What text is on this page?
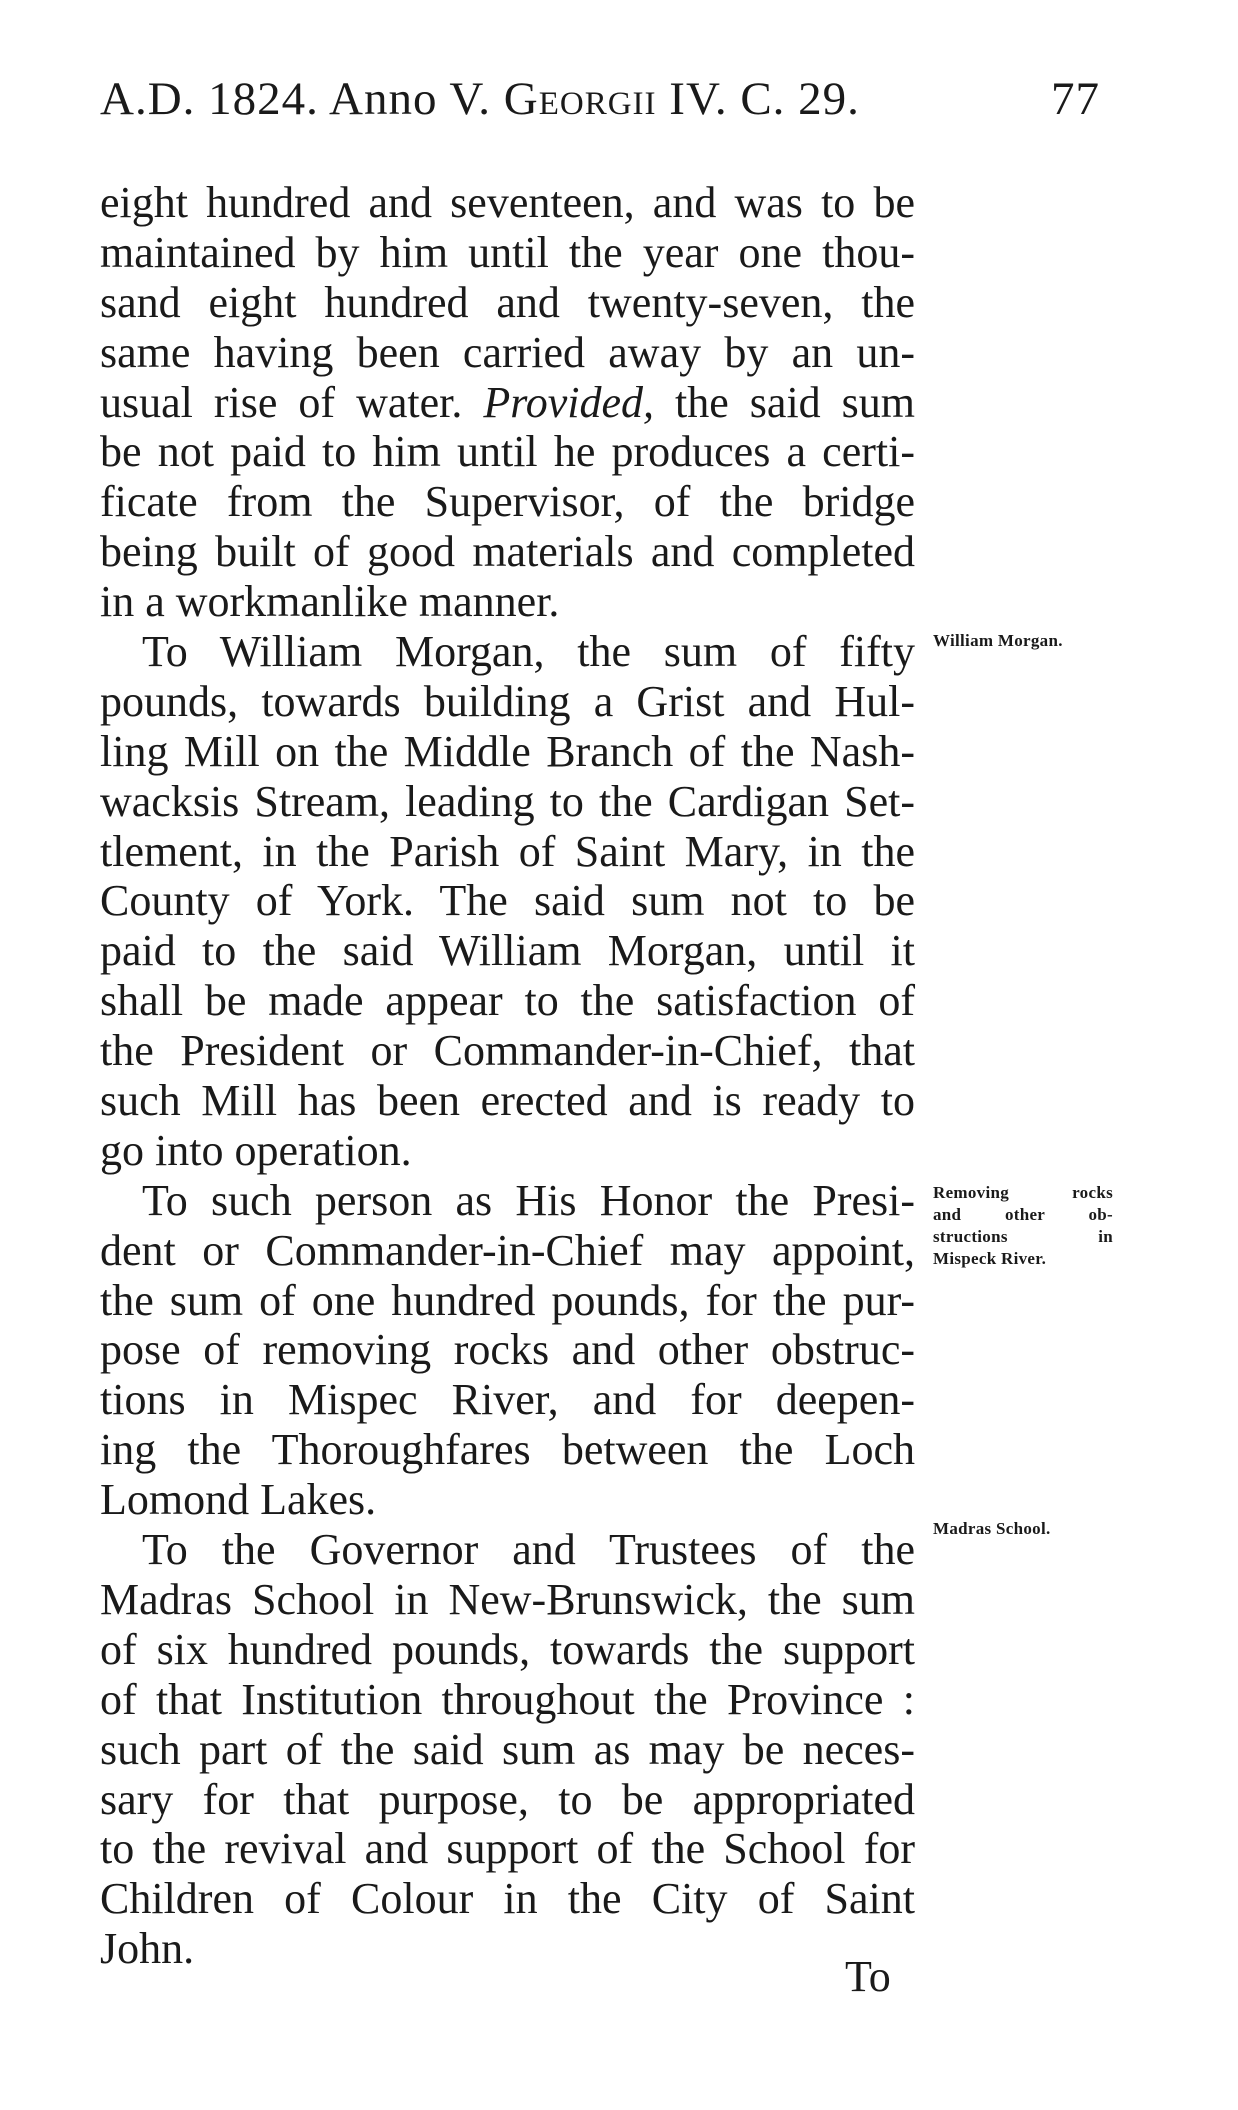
A.D. 1824. Anno V. Georgii IV. C. 29.	77
eight hundred and seventeen, and was to be
maintained by him until the year one thou-
sand eight hundred and twenty-seven, the
same having been carried away by an un-
usual rise of water. Provided, the said sum
be not paid to him until he produces a certi-
ficate from the Supervisor, of the bridge
being built of good materials and completed
in a workmanlike manner.
To William Morgan, the sum of fifty
pounds, towards building a Grist and Hul-
ling Mill on the Middle Branch of the Nash-
wacksis Stream, leading to the Cardigan Set-
tlement, in the Parish of Saint Mary, in the
County of York. The said sum not to be
paid to the said William Morgan, until it
shall be made appear to the satisfaction of
the President or Commander-in-Chief, that
such Mill has been erected and is ready to
go into operation.
To such person as His Honor the Presi-
dent or Commander-in-Chief may appoint,
the sum of one hundred pounds, for the pur-
pose of removing rocks and other obstruc-
tions in Mispec River, and for deepen-
ing the Thoroughfares between the Loch
Lomond Lakes.
To the Governor and Trustees of the
Madras School in New-Brunswick, the sum
of six hundred pounds, towards the support
of that Institution throughout the Province :
such part of the said sum as may be neces-
sary for that purpose, to be appropriated
to the revival and support of the School for
Children of Colour in the City of Saint
John.
William Morgan.
Removing rocks
and other ob-
structions in
Mispeck River.
Madras School.
To
